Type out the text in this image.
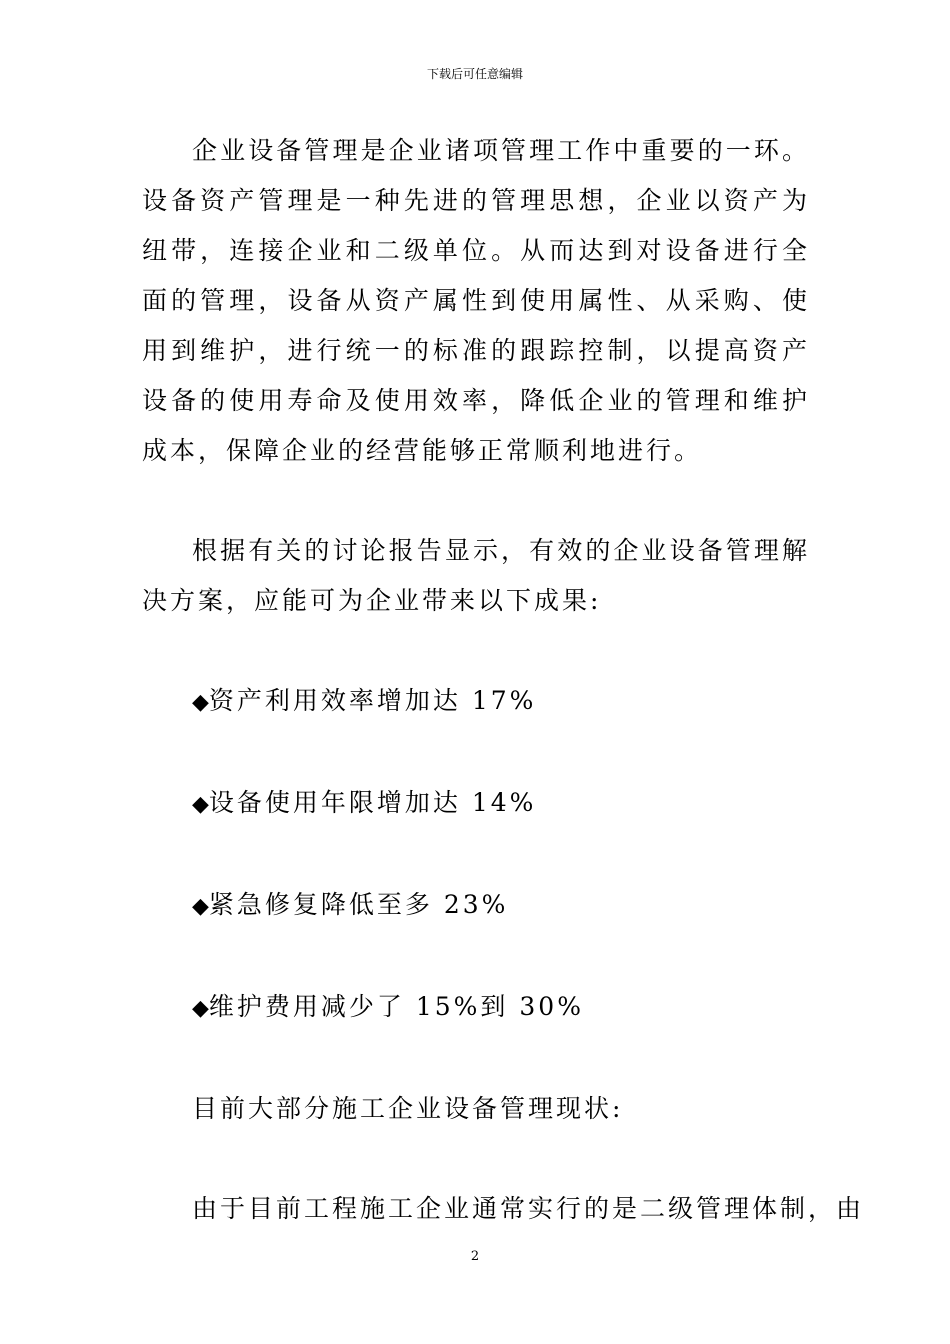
下载后可任意编辑

企业设备管理是企业诸项管理工作中重要的一环。设备资产管理是一种先进的管理思想，企业以资产为纽带，连接企业和二级单位。从而达到对设备进行全面的管理，设备从资产属性到使用属性、从采购、使用到维护，进行统一的标准的跟踪控制，以提高资产设备的使用寿命及使用效率，降低企业的管理和维护成本，保障企业的经营能够正常顺利地进行。

根据有关的讨论报告显示，有效的企业设备管理解决方案，应能可为企业带来以下成果:

◆资产利用效率增加达 17%

◆设备使用年限增加达 14%

◆紧急修复降低至多 23%

◆维护费用减少了 15%到 30%

目前大部分施工企业设备管理现状:

由于目前工程施工企业通常实行的是二级管理体制，由

2
